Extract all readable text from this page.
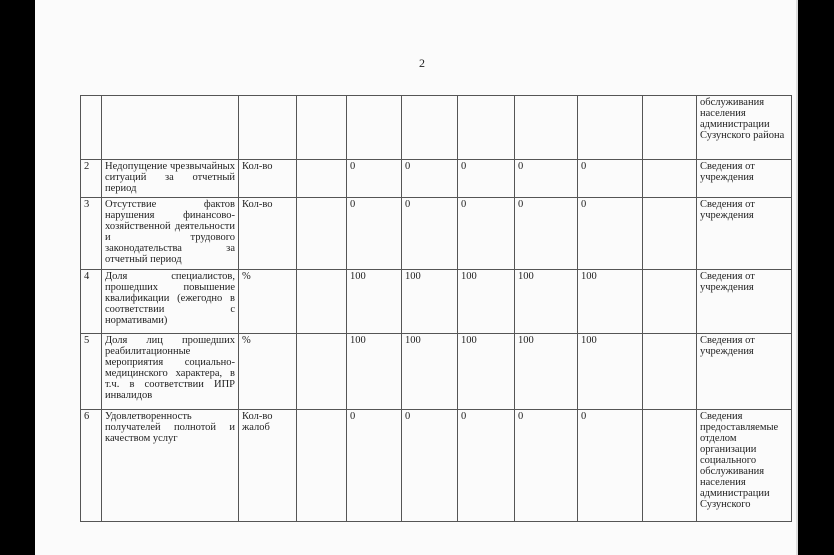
2
										обслуживания населения администрации Сузунского района
2	Недопущение чрезвычайных ситуаций за отчетный период	Кол-во		0	0	0	0	0		Сведения от учреждения
3	Отсутствие фактов нарушения финансово-хозяйственной деятельности и трудового законодательства за отчетный период	Кол-во		0	0	0	0	0		Сведения от учреждения
4	Доля специалистов, прошедших повышение квалификации (ежегодно в соответствии с нормативами)	%		100	100	100	100	100		Сведения от учреждения
5	Доля лиц прошедших реабилитационные мероприятия социально-медицинского характера, в т.ч. в соответствии ИПР инвалидов	%		100	100	100	100	100		Сведения от учреждения
6	Удовлетворенность получателей полнотой и качеством услуг	Кол-во жалоб		0	0	0	0	0		Сведения предоставляемые отделом организации социального обслуживания населения администрации Сузунского
